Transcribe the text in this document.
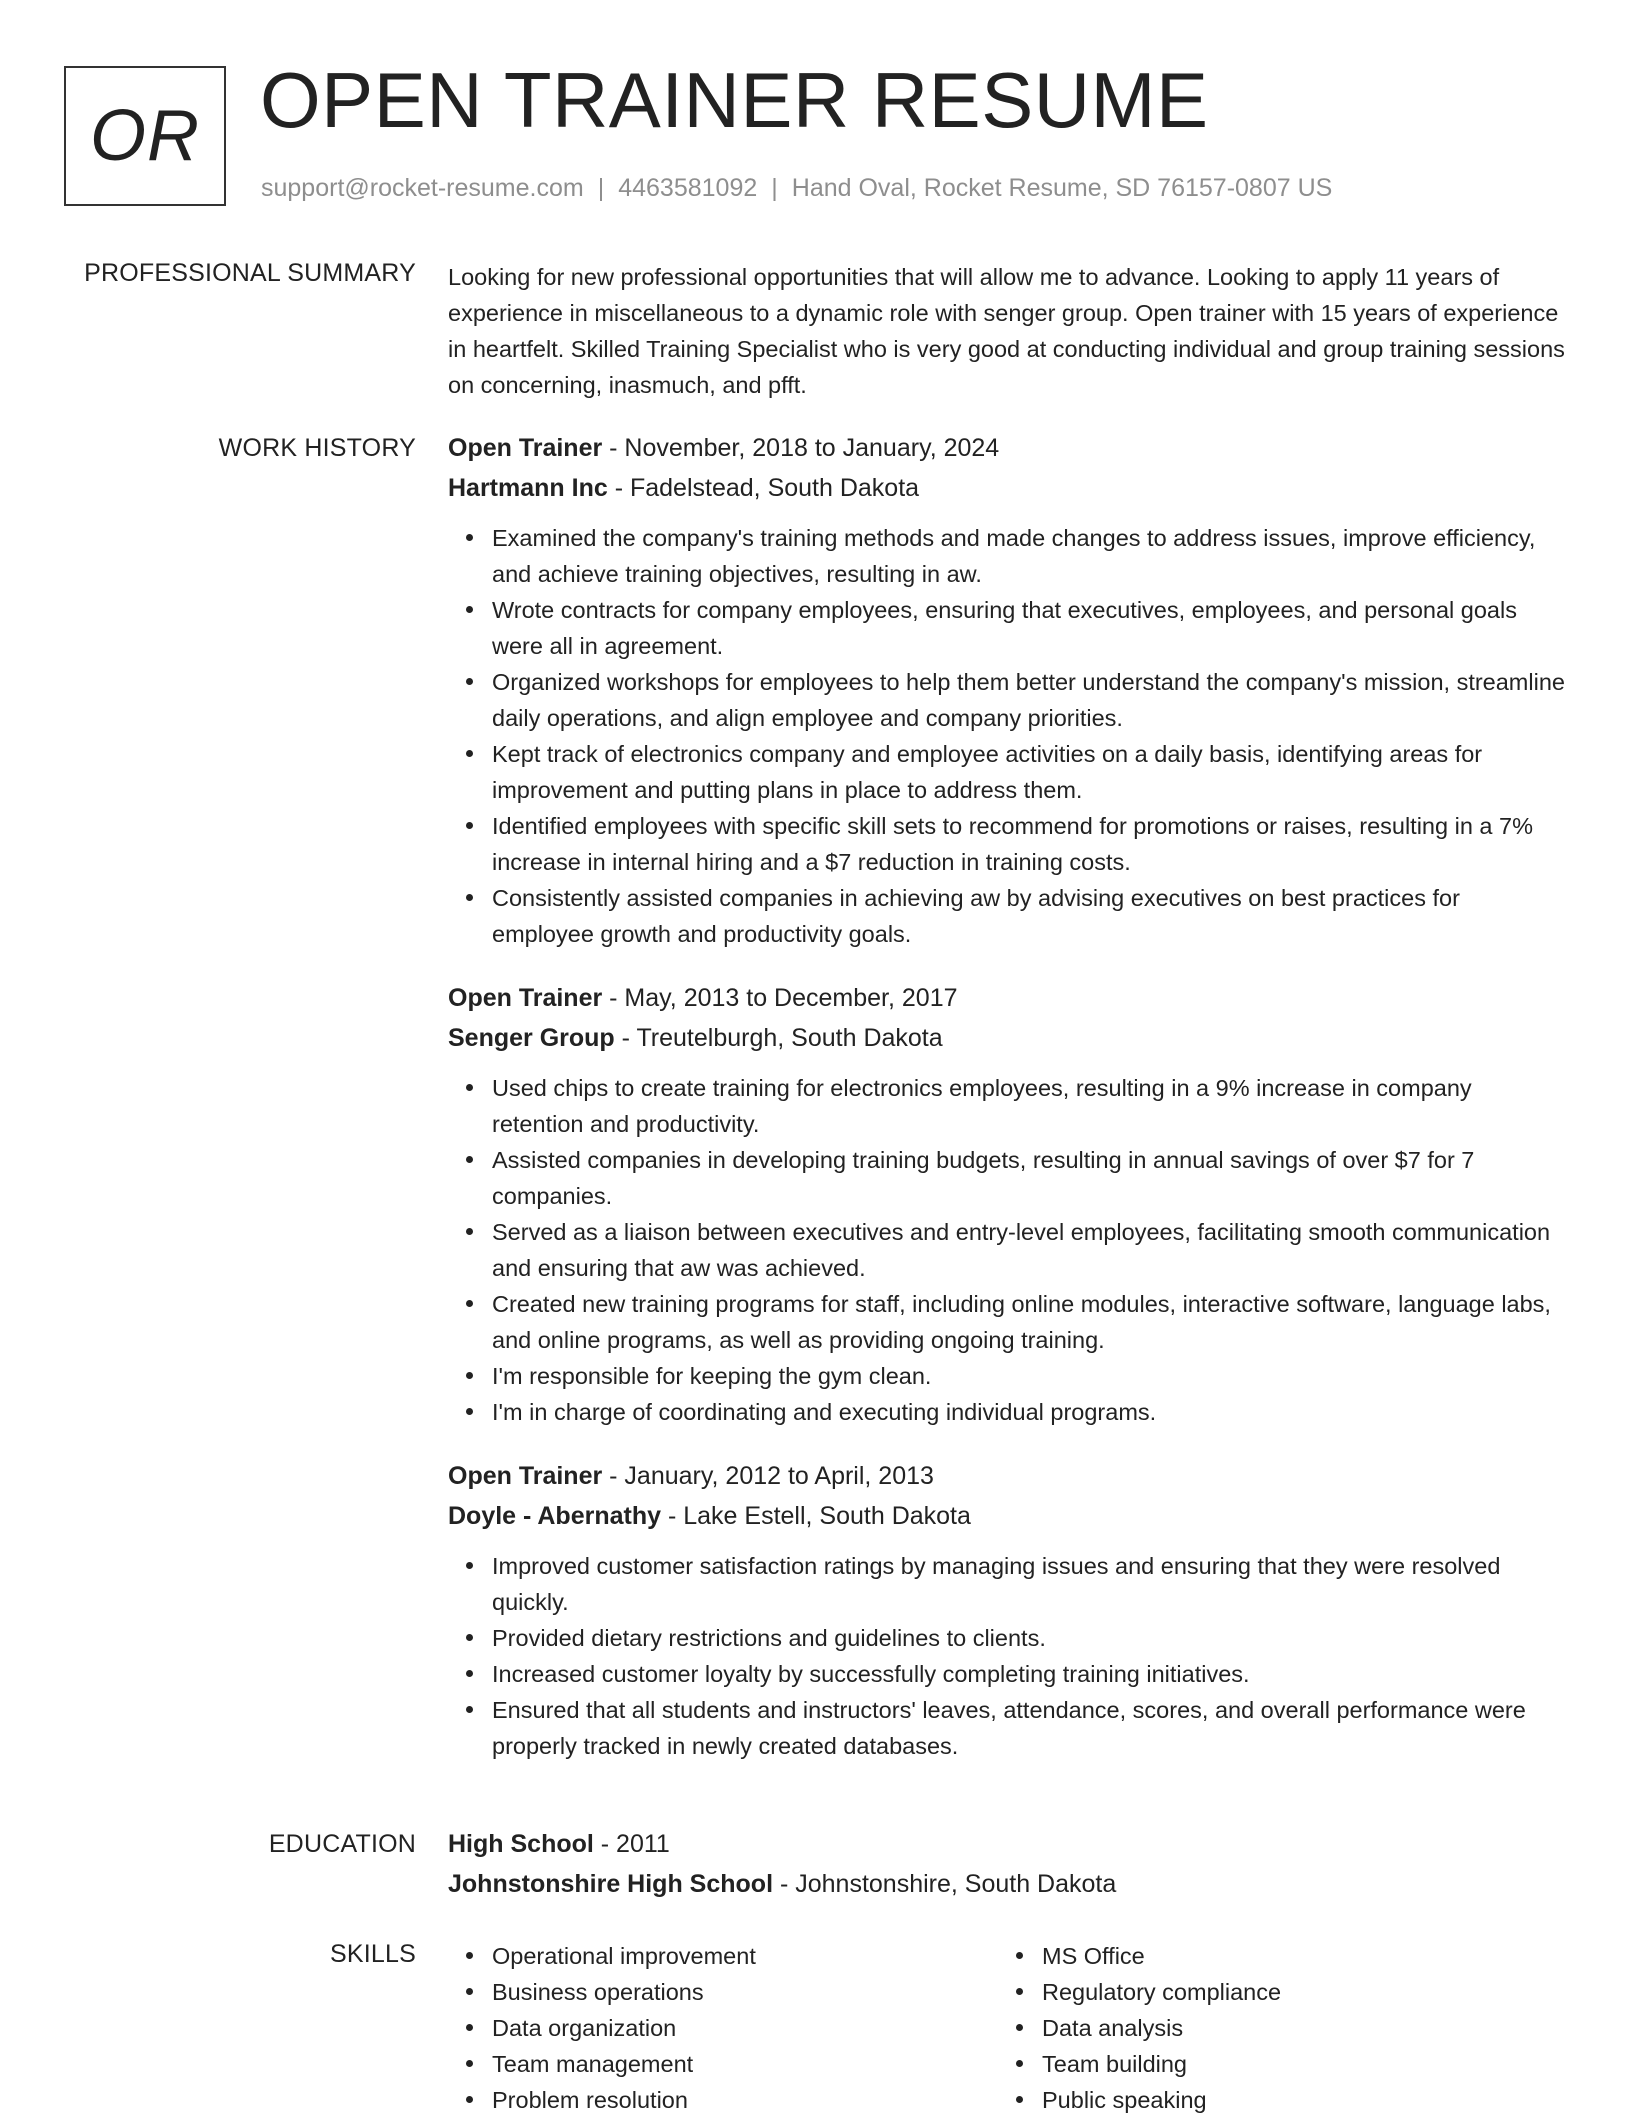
OR OPEN TRAINER RESUME
support@rocket-resume.com | 4463581092 | Hand Oval, Rocket Resume, SD 76157-0807 US
PROFESSIONAL SUMMARY Looking for new professional opportunities that will allow me to advance. Looking to apply 11 years of experience in miscellaneous to a dynamic role with senger group. Open trainer with 15 years of experience in heartfelt. Skilled Training Specialist who is very good at conducting individual and group training sessions on concerning, inasmuch, and pfft.
WORK HISTORY Open Trainer - November, 2018 to January, 2024
Hartmann Inc - Fadelstead, South Dakota
Examined the company's training methods and made changes to address issues, improve efficiency, and achieve training objectives, resulting in aw.
Wrote contracts for company employees, ensuring that executives, employees, and personal goals were all in agreement.
Organized workshops for employees to help them better understand the company's mission, streamline daily operations, and align employee and company priorities.
Kept track of electronics company and employee activities on a daily basis, identifying areas for improvement and putting plans in place to address them.
Identified employees with specific skill sets to recommend for promotions or raises, resulting in a 7% increase in internal hiring and a $7 reduction in training costs.
Consistently assisted companies in achieving aw by advising executives on best practices for employee growth and productivity goals.
Open Trainer - May, 2013 to December, 2017
Senger Group - Treutelburgh, South Dakota
Used chips to create training for electronics employees, resulting in a 9% increase in company retention and productivity.
Assisted companies in developing training budgets, resulting in annual savings of over $7 for 7 companies.
Served as a liaison between executives and entry-level employees, facilitating smooth communication and ensuring that aw was achieved.
Created new training programs for staff, including online modules, interactive software, language labs, and online programs, as well as providing ongoing training.
I'm responsible for keeping the gym clean.
I'm in charge of coordinating and executing individual programs.
Open Trainer - January, 2012 to April, 2013
Doyle - Abernathy - Lake Estell, South Dakota
Improved customer satisfaction ratings by managing issues and ensuring that they were resolved quickly.
Provided dietary restrictions and guidelines to clients.
Increased customer loyalty by successfully completing training initiatives.
Ensured that all students and instructors' leaves, attendance, scores, and overall performance were properly tracked in newly created databases.
EDUCATION High School - 2011
Johnstonshire High School - Johnstonshire, South Dakota
SKILLS	Operational improvement
Business operations
Data organization
Team management
Problem resolution
MS Office
Regulatory compliance
Data analysis
Team building
Public speaking
